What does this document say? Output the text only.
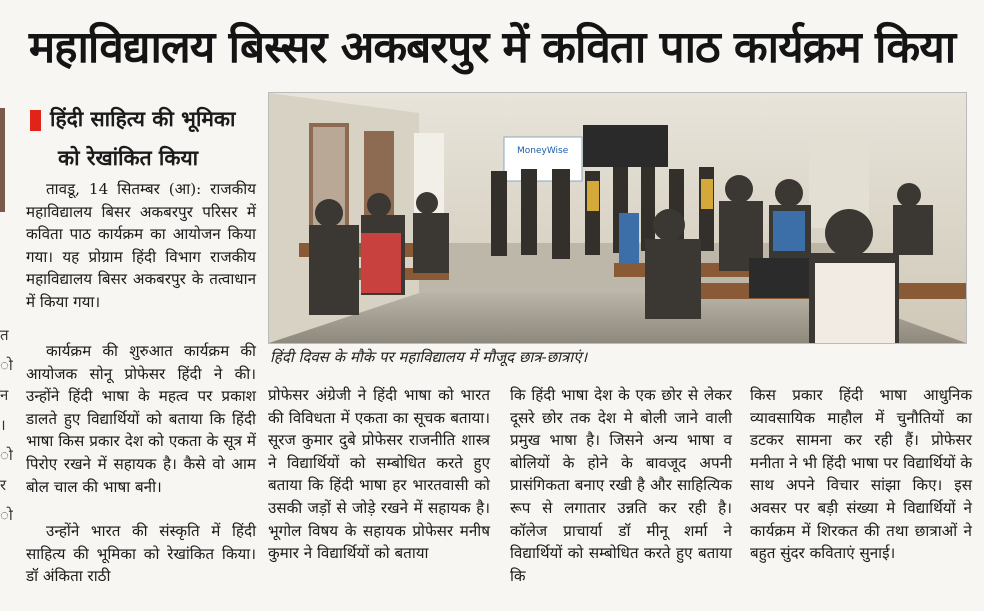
महाविद्यालय बिस्सर अकबरपुर में कविता पाठ कार्यक्रम किया
त
ो
न
।
ो
र
ो
हिंदी साहित्य की भूमिका
को रेखांकित किया

तावडू, 14 सितम्बर (आ): राजकीय महाविद्यालय बिसर अकबरपुर परिसर में कविता पाठ कार्यक्रम का आयोजन किया गया। यह प्रोग्राम हिंदी विभाग राजकीय महाविद्यालय बिसर अकबरपुर के तत्वाधान में किया गया।

कार्यक्रम की शुरुआत कार्यक्रम की आयोजक सोनू प्रोफेसर हिंदी ने की। उन्होंने हिंदी भाषा के महत्व पर प्रकाश डालते हुए विद्यार्थियों को बताया कि हिंदी भाषा किस प्रकार देश को एकता के सूत्र में पिरोए रखने में सहायक है। कैसे वो आम बोल चाल की भाषा बनी।

उन्होंने भारत की संस्कृति में हिंदी साहित्य की भूमिका को रेखांकित किया। डॉ अंकिता राठी

MoneyWise
हिंदी दिवस के मौके पर महाविद्यालय में मौजूद छात्र-छात्राएं।

प्रोफेसर अंग्रेजी ने हिंदी भाषा को भारत की विविधता में एकता का सूचक बताया। सूरज कुमार दुबे प्रोफेसर राजनीति शास्त्र ने विद्यार्थियों को सम्बोधित करते हुए बताया कि हिंदी भाषा हर भारतवासी को उसकी जड़ों से जोड़े रखने में सहायक है। भूगोल विषय के सहायक प्रोफेसर मनीष कुमार ने विद्यार्थियों को बताया

कि हिंदी भाषा देश के एक छोर से लेकर दूसरे छोर तक देश मे बोली जाने वाली प्रमुख भाषा है। जिसने अन्य भाषा व बोलियों के होने के बावजूद अपनी प्रासंगिकता बनाए रखी है और साहित्यिक रूप से लगातार उन्नति कर रही है। कॉलेज प्राचार्या डॉ मीनू शर्मा ने विद्यार्थियों को सम्बोधित करते हुए बताया कि

किस प्रकार हिंदी भाषा आधुनिक व्यावसायिक माहौल में चुनौतियों का डटकर सामना कर रही हैं। प्रोफेसर मनीता ने भी हिंदी भाषा पर विद्यार्थियों के साथ अपने विचार सांझा किए। इस अवसर पर बड़ी संख्या मे विद्यार्थियों ने कार्यक्रम में शिरकत की तथा छात्राओं ने बहुत सुंदर कविताएं सुनाई।
